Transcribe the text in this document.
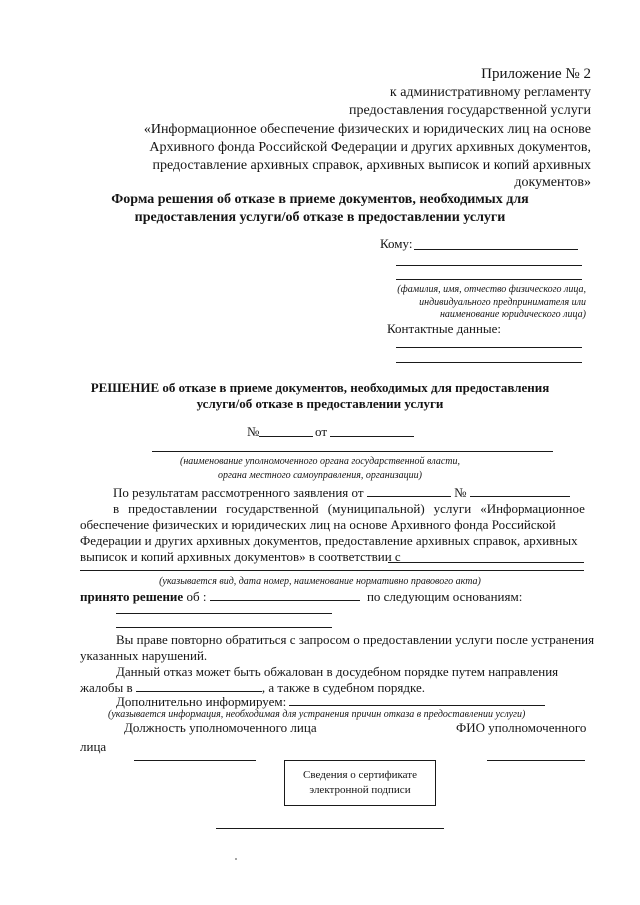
Приложение № 2
к административному регламенту
предоставления государственной услуги
«Информационное обеспечение физических и юридических лиц на основе
Архивного фонда Российской Федерации и других архивных документов,
предоставление архивных справок, архивных выписок и копий архивных
документов»
Форма решения об отказе в приеме документов, необходимых для
предоставления услуги/об отказе в предоставлении услуги
Кому:
(фамилия, имя, отчество физического лица,
индивидуального предпринимателя или
наименование юридического лица)
Контактные данные:
РЕШЕНИЕ об отказе в приеме документов, необходимых для предоставления
услуги/об отказе в предоставлении услуги
№	от
(наименование уполномоченного органа государственной власти,
органа местного самоуправления, организации)
По результатам рассмотренного заявления от	№
в предоставлении государственной (муниципальной) услуги «Информационное
обеспечение физических и юридических лиц на основе Архивного фонда Российской
Федерации и других архивных документов, предоставление архивных справок, архивных
выписок и копий архивных документов» в соответствии с
(указывается вид, дата номер, наименование нормативно правового акта)
принято решение об :	по следующим основаниям:
Вы праве повторно обратиться с запросом о предоставлении услуги после устранения
указанных нарушений.
Данный отказ может быть обжалован в досудебном порядке путем направления
жалобы в	, а также в судебном порядке.
Дополнительно информируем:
(указывается информация, необходимая для устранения причин отказа в предоставлении услуги)
Должность уполномоченного лица	ФИО уполномоченного
лица
Сведения о сертификате
электронной подписи
